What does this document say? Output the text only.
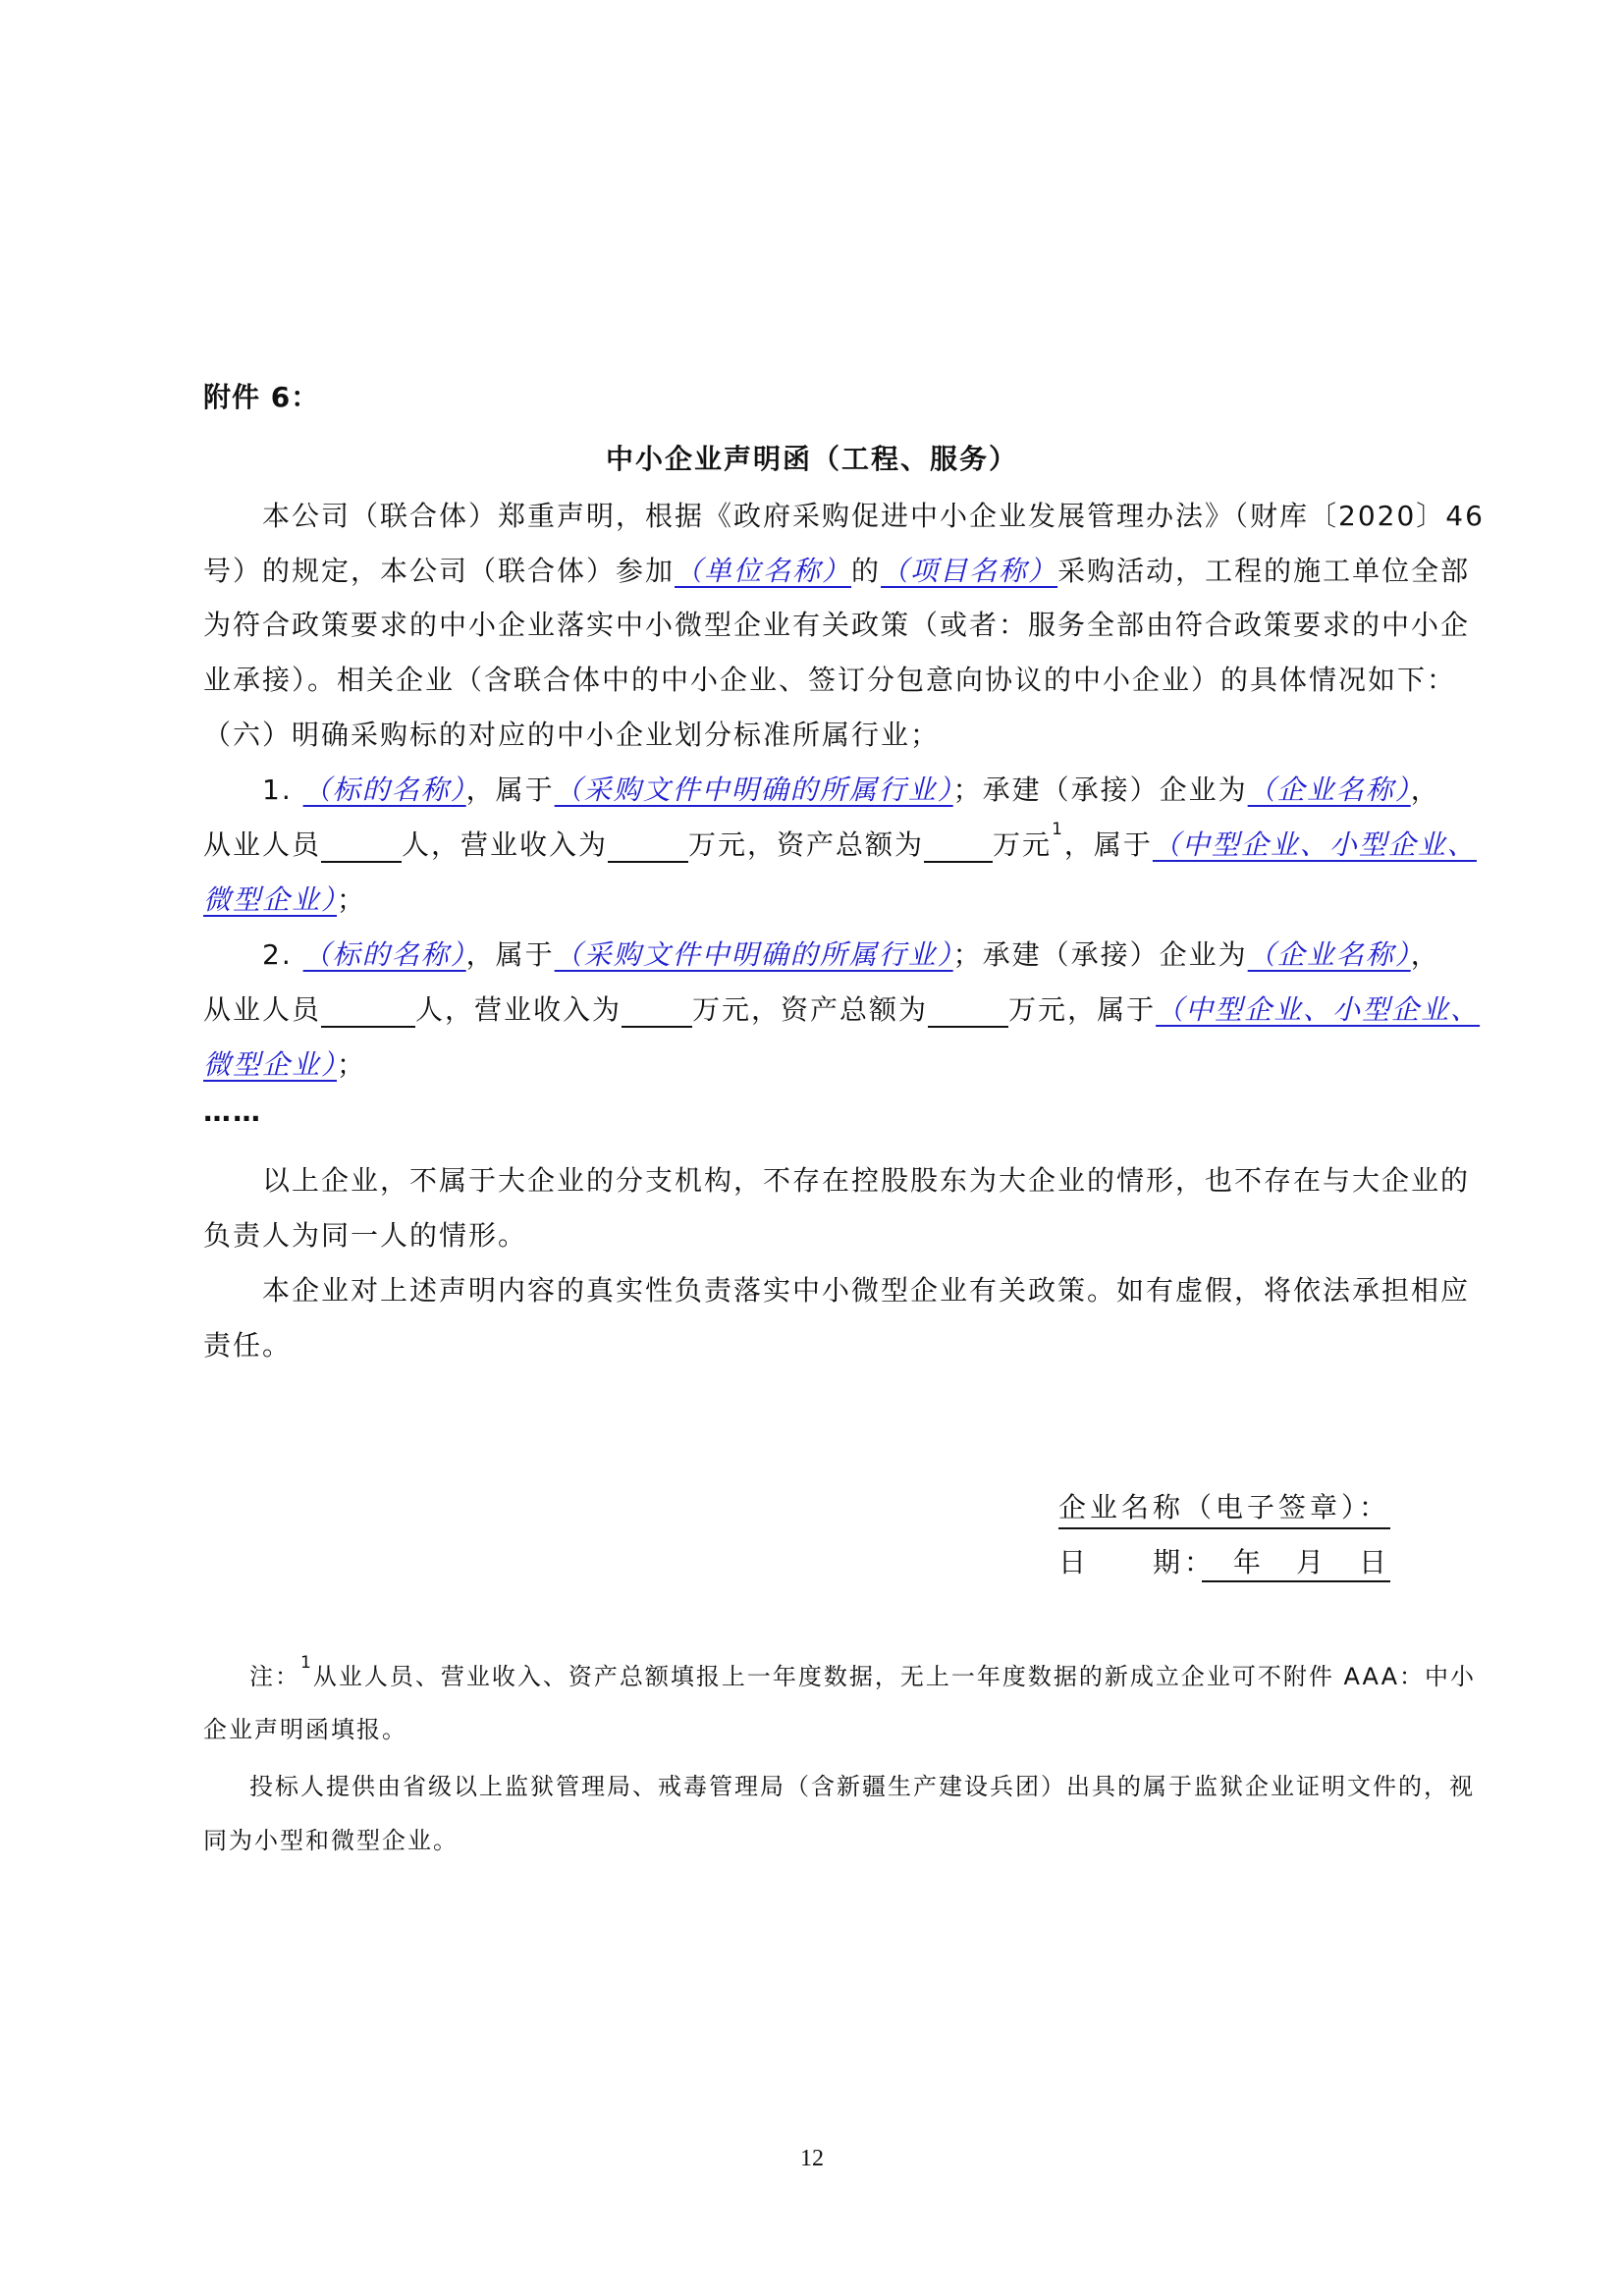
附件 6：
中小企业声明函（工程、服务）
本公司（联合体）郑重声明，根据《政府采购促进中小企业发展管理办法》（财库〔2020〕46
号）的规定，本公司（联合体）参加（单位名称）的（项目名称）采购活动，工程的施工单位全部
为符合政策要求的中小企业落实中小微型企业有关政策（或者：服务全部由符合政策要求的中小企
业承接）。相关企业（含联合体中的中小企业、签订分包意向协议的中小企业）的具体情况如下：
（六）明确采购标的对应的中小企业划分标准所属行业；
1. （标的名称），属于（采购文件中明确的所属行业）；承建（承接）企业为（企业名称），
从业人员	人，营业收入为	万元，资产总额为	万元$^1$，属于（中型企业、小型企业、
微型企业）；
2. （标的名称），属于（采购文件中明确的所属行业）；承建（承接）企业为（企业名称），
从业人员	人，营业收入为	万元，资产总额为	万元，属于（中型企业、小型企业、
微型企业）；
……
以上企业，不属于大企业的分支机构，不存在控股股东为大企业的情形，也不存在与大企业的
负责人为同一人的情形。
本企业对上述声明内容的真实性负责落实中小微型企业有关政策。如有虚假，将依法承担相应
责任。
企业名称（电子签章）：
日　　期：　年　月　日
注：$^1$从业人员、营业收入、资产总额填报上一年度数据，无上一年度数据的新成立企业可不附件 AAA：中小
企业声明函填报。
投标人提供由省级以上监狱管理局、戒毒管理局（含新疆生产建设兵团）出具的属于监狱企业证明文件的，视
同为小型和微型企业。
12
